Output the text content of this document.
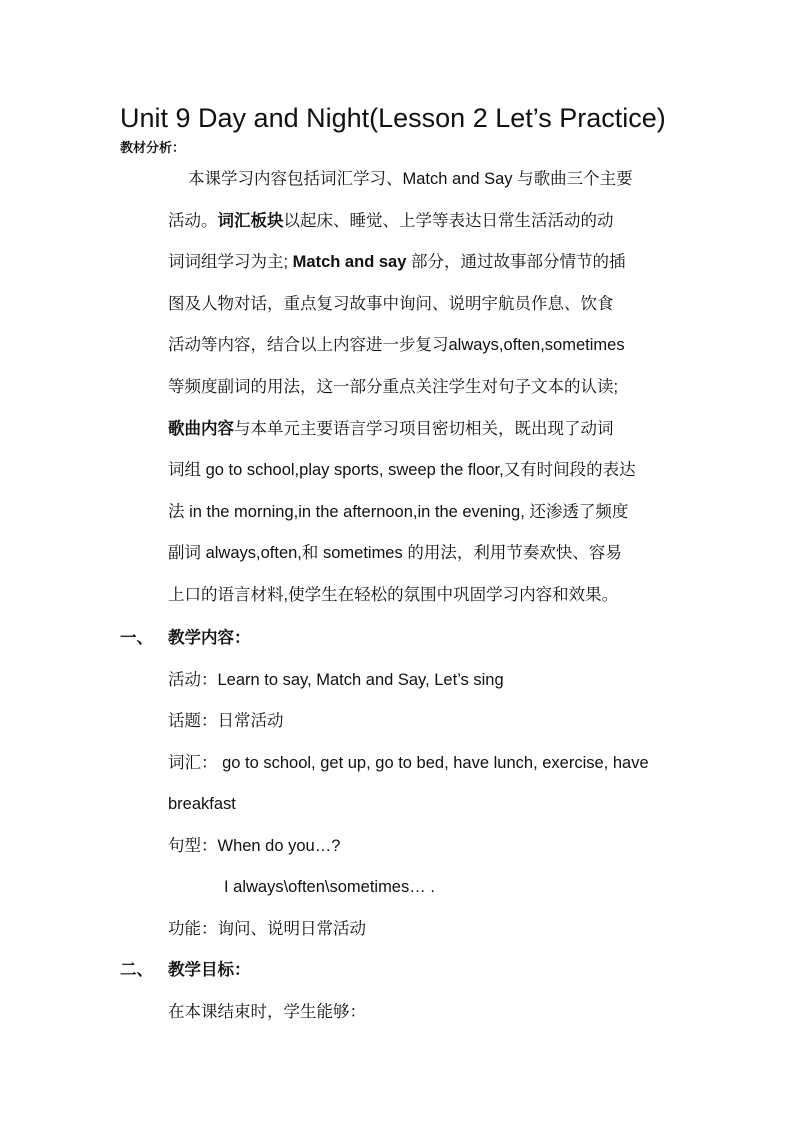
Unit 9 Day and Night(Lesson 2 Let’s Practice)
教材分析：
本课学习内容包括词汇学习、Match and Say 与歌曲三个主要
活动。词汇板块以起床、睡觉、上学等表达日常生活活动的动
词词组学习为主; Match and say 部分，通过故事部分情节的插
图及人物对话，重点复习故事中询问、说明宇航员作息、饮食
活动等内容，结合以上内容进一步复习always,often,sometimes
等频度副词的用法，这一部分重点关注学生对句子文本的认读;
歌曲内容与本单元主要语言学习项目密切相关，既出现了动词
词组 go to school,play sports, sweep the floor,又有时间段的表达
法 in the morning,in the afternoon,in the evening, 还渗透了频度
副词 always,often,和 sometimes 的用法，利用节奏欢快、容易
上口的语言材料,使学生在轻松的氛围中巩固学习内容和效果。
一、 教学内容：
活动：Learn to say, Match and Say, Let’s sing
话题：日常活动
词汇： go to school, get up, go to bed, have lunch, exercise, have
breakfast
句型：When do you…?
I always\often\sometimes… .
功能：询问、说明日常活动
二、 教学目标：
在本课结束时，学生能够：
